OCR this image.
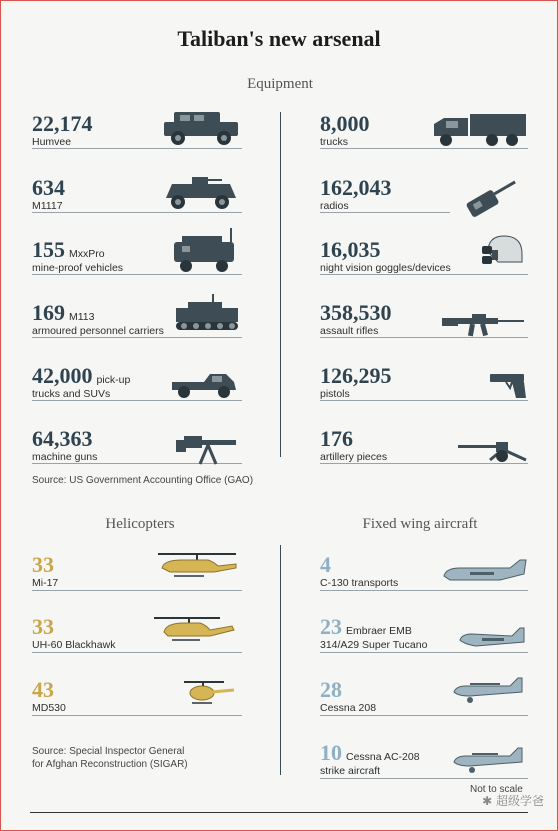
Taliban's new arsenal
Equipment
Helicopters	Fixed wing aircraft
22,174
Humvee
634
M1117
155 MxxPro
mine-proof vehicles
169 M113
armoured personnel carriers
42,000 pick-up
trucks and SUVs
64,363
machine guns
Source: US Government Accounting Office (GAO)
8,000
trucks
162,043
radios
16,035
night vision goggles/devices
358,530
assault rifles
126,295
pistols
176
artillery pieces
33
Mi-17
33
UH-60 Blackhawk
43
MD530
Source: Special Inspector General
for Afghan Reconstruction (SIGAR)
4
C-130 transports
23 Embraer EMB
314/A29 Super Tucano
28
Cessna 208
10 Cessna AC-208
strike aircraft
Not to scale
✱ 超级学爸
